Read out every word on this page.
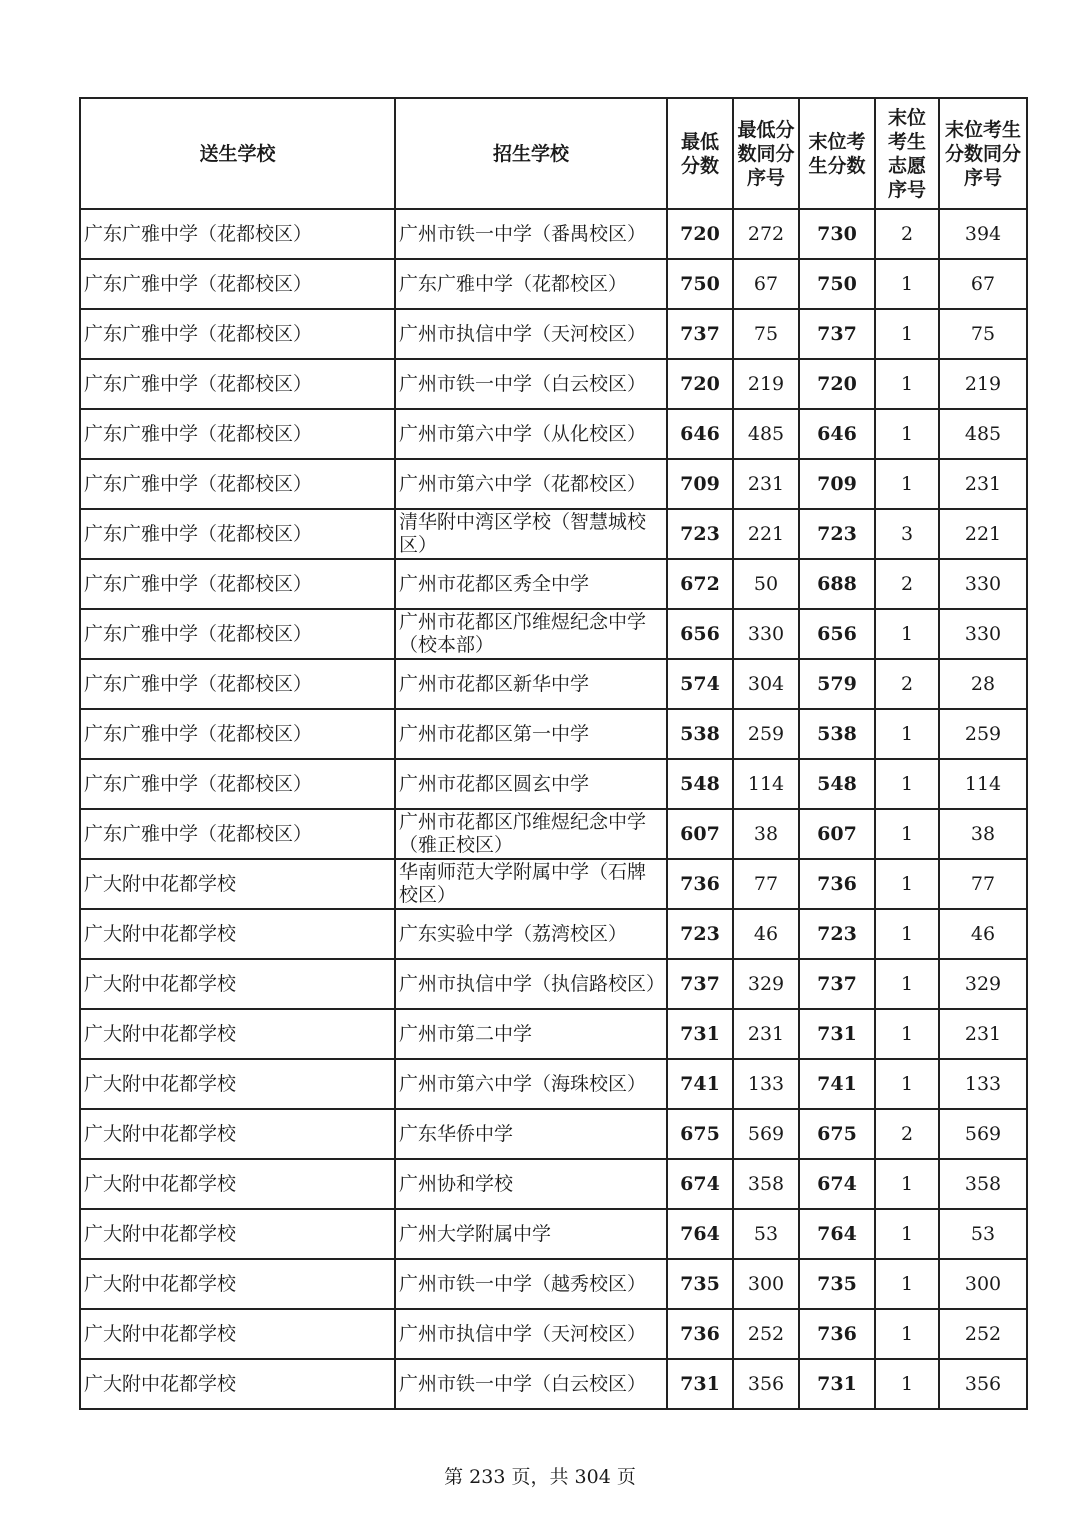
送生学校	招生学校	最低分数	最低分数同分序号	末位考生分数	末位考生志愿序号	末位考生分数同分序号
广东广雅中学（花都校区）	广州市铁一中学（番禺校区）	720	272	730	2	394
广东广雅中学（花都校区）	广东广雅中学（花都校区）	750	67	750	1	67
广东广雅中学（花都校区）	广州市执信中学（天河校区）	737	75	737	1	75
广东广雅中学（花都校区）	广州市铁一中学（白云校区）	720	219	720	1	219
广东广雅中学（花都校区）	广州市第六中学（从化校区）	646	485	646	1	485
广东广雅中学（花都校区）	广州市第六中学（花都校区）	709	231	709	1	231
广东广雅中学（花都校区）	清华附中湾区学校（智慧城校区）	723	221	723	3	221
广东广雅中学（花都校区）	广州市花都区秀全中学	672	50	688	2	330
广东广雅中学（花都校区）	广州市花都区邝维煜纪念中学（校本部）	656	330	656	1	330
广东广雅中学（花都校区）	广州市花都区新华中学	574	304	579	2	28
广东广雅中学（花都校区）	广州市花都区第一中学	538	259	538	1	259
广东广雅中学（花都校区）	广州市花都区圆玄中学	548	114	548	1	114
广东广雅中学（花都校区）	广州市花都区邝维煜纪念中学（雅正校区）	607	38	607	1	38
广大附中花都学校	华南师范大学附属中学（石牌校区）	736	77	736	1	77
广大附中花都学校	广东实验中学（荔湾校区）	723	46	723	1	46
广大附中花都学校	广州市执信中学（执信路校区）	737	329	737	1	329
广大附中花都学校	广州市第二中学	731	231	731	1	231
广大附中花都学校	广州市第六中学（海珠校区）	741	133	741	1	133
广大附中花都学校	广东华侨中学	675	569	675	2	569
广大附中花都学校	广州协和学校	674	358	674	1	358
广大附中花都学校	广州大学附属中学	764	53	764	1	53
广大附中花都学校	广州市铁一中学（越秀校区）	735	300	735	1	300
广大附中花都学校	广州市执信中学（天河校区）	736	252	736	1	252
广大附中花都学校	广州市铁一中学（白云校区）	731	356	731	1	356
第 233 页，共 304 页
